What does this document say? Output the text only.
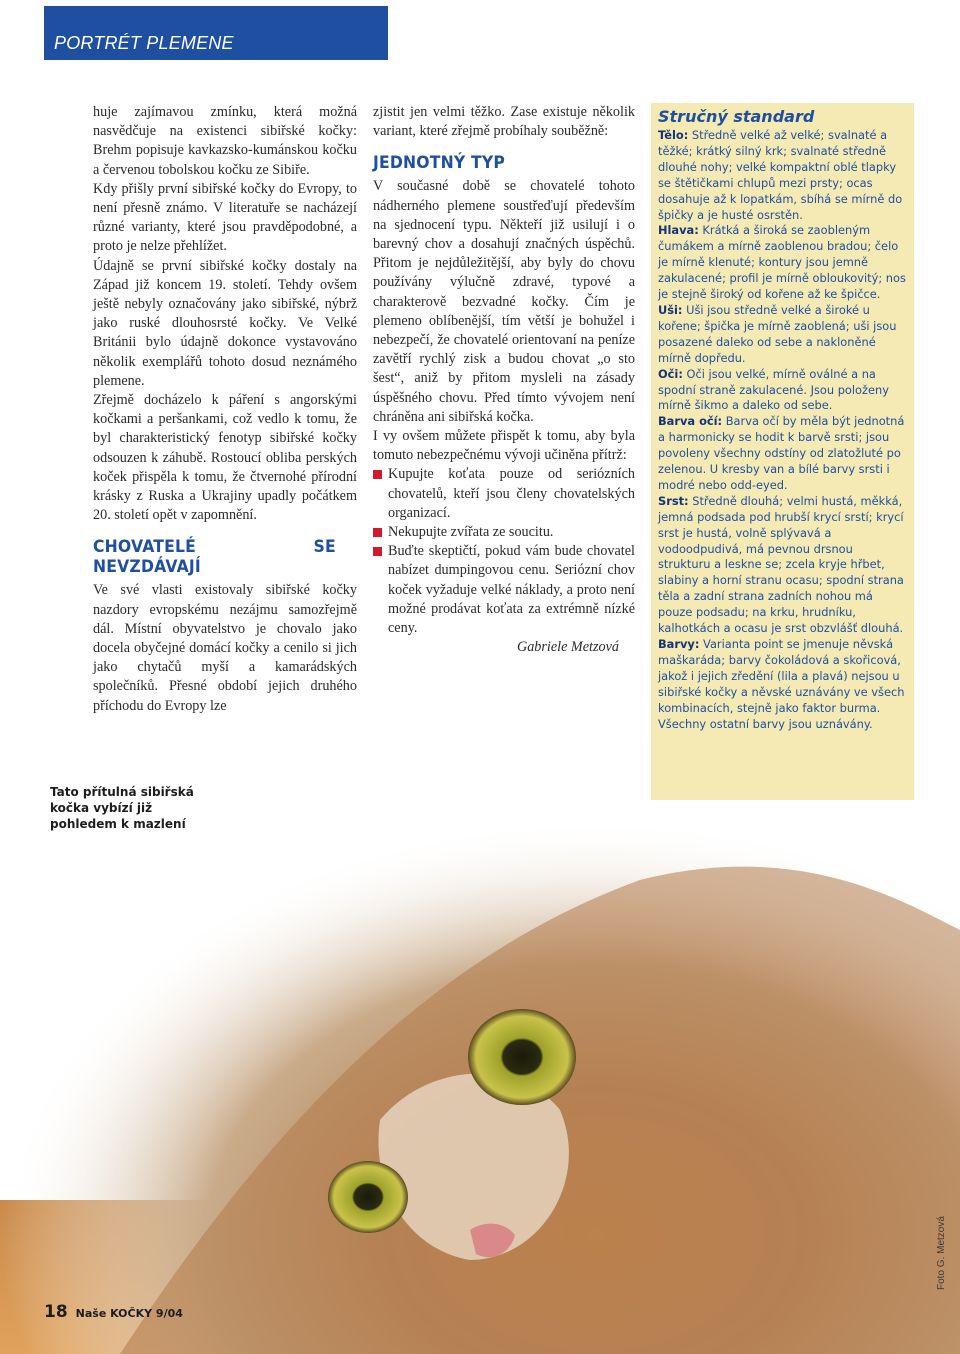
PORTRÉT PLEMENE

huje zajímavou zmínku, která možná nasvědčuje na existenci sibiřské kočky: Brehm popisuje kavkazsko-kumánskou kočku a červenou tobolskou kočku ze Sibiře.

Kdy přišly první sibiřské kočky do Evropy, to není přesně známo. V literatuře se nacházejí různé varianty, které jsou pravděpodobné, a proto je nelze přehlížet.

Údajně se první sibiřské kočky dostaly na Západ již koncem 19. století. Tehdy ovšem ještě nebyly označovány jako sibiřské, nýbrž jako ruské dlouhosrsté kočky. Ve Velké Británii bylo údajně dokonce vystavováno několik exemplářů tohoto dosud neznámého plemene.

Zřejmě docházelo k páření s angorskými kočkami a peršankami, což vedlo k tomu, že byl charakteristický fenotyp sibiřské kočky odsouzen k záhubě. Rostoucí obliba perských koček přispěla k tomu, že čtvernohé přírodní krásky z Ruska a Ukrajiny upadly počátkem 20. století opět v zapomnění.

CHOVATELÉ SE NEVZDÁVAJÍ

Ve své vlasti existovaly sibiřské kočky nazdory evropskému nezájmu samozřejmě dál. Místní obyvatelstvo je chovalo jako docela obyčejné domácí kočky a cenilo si jich jako chytačů myší a kamarádských společníků. Přesné období jejich druhého příchodu do Evropy lze

zjistit jen velmi těžko. Zase existuje několik variant, které zřejmě probíhaly souběžně:

JEDNOTNÝ TYP

V současné době se chovatelé tohoto nádherného plemene soustřeďují především na sjednocení typu. Někteří již usilují i o barevný chov a dosahují značných úspěchů. Přitom je nejdůležitější, aby byly do chovu používány výlučně zdravé, typové a charakterově bezvadné kočky. Čím je plemeno oblíbenější, tím větší je bohužel i nebezpečí, že chovatelé orientovaní na peníze zavětří rychlý zisk a budou chovat „o sto šest“, aniž by přitom mysleli na zásady úspěšného chovu. Před tímto vývojem není chráněna ani sibiřská kočka.

I vy ovšem můžete přispět k tomu, aby byla tomuto nebezpečnému vývoji učiněna přítrž:

Kupujte koťata pouze od seriózních chovatelů, kteří jsou členy chovatelských organizací.
Nekupujte zvířata ze soucitu.
Buďte skeptičtí, pokud vám bude chovatel nabízet dumpingovou cenu. Seriózní chov koček vyžaduje velké náklady, a proto není možné prodávat koťata za extrémně nízké ceny.

Gabriele Metzová

Stručný standard

Tělo: Středně velké až velké; svalnaté a těžké; krátký silný krk; svalnaté středně dlouhé nohy; velké kompaktní oblé tlapky se štětičkami chlupů mezi prsty; ocas dosahuje až k lopatkám, sbíhá se mírně do špičky a je husté osrstěn.

Hlava: Krátká a široká se zaobleným čumákem a mírně zaoblenou bradou; čelo je mírně klenuté; kontury jsou jemně zakulacené; profil je mírně obloukovitý; nos je stejně široký od kořene až ke špičce.

Uši: Uši jsou středně velké a široké u kořene; špička je mírně zaoblená; uši jsou posazené daleko od sebe a nakloněné mírně dopředu.

Oči: Oči jsou velké, mírně oválné a na spodní straně zakulacené. Jsou položeny mírně šikmo a daleko od sebe.

Barva očí: Barva očí by měla být jednotná a harmonicky se hodit k barvě srsti; jsou povoleny všechny odstíny od zlatožluté po zelenou. U kresby van a bílé barvy srsti i modré nebo odd-eyed.

Srst: Středně dlouhá; velmi hustá, měkká, jemná podsada pod hrubší krycí srstí; krycí srst je hustá, volně splývavá a vodoodpudivá, má pevnou drsnou strukturu a leskne se; zcela kryje hřbet, slabiny a horní stranu ocasu; spodní strana těla a zadní strana zadních nohou má pouze podsadu; na krku, hrudníku, kalhotkách a ocasu je srst obzvlášť dlouhá.

Barvy: Varianta point se jmenuje něvská maškaráda; barvy čokoládová a skořicová, jakož i jejich zředění (lila a plavá) nejsou u sibiřské kočky a něvské uznávány ve všech kombinacích, stejně jako faktor burma. Všechny ostatní barvy jsou uznávány.

Tato přítulná sibiřská kočka vybízí již pohledem k mazlení
18 Naše KOČKY 9/04
Foto G. Metzová
